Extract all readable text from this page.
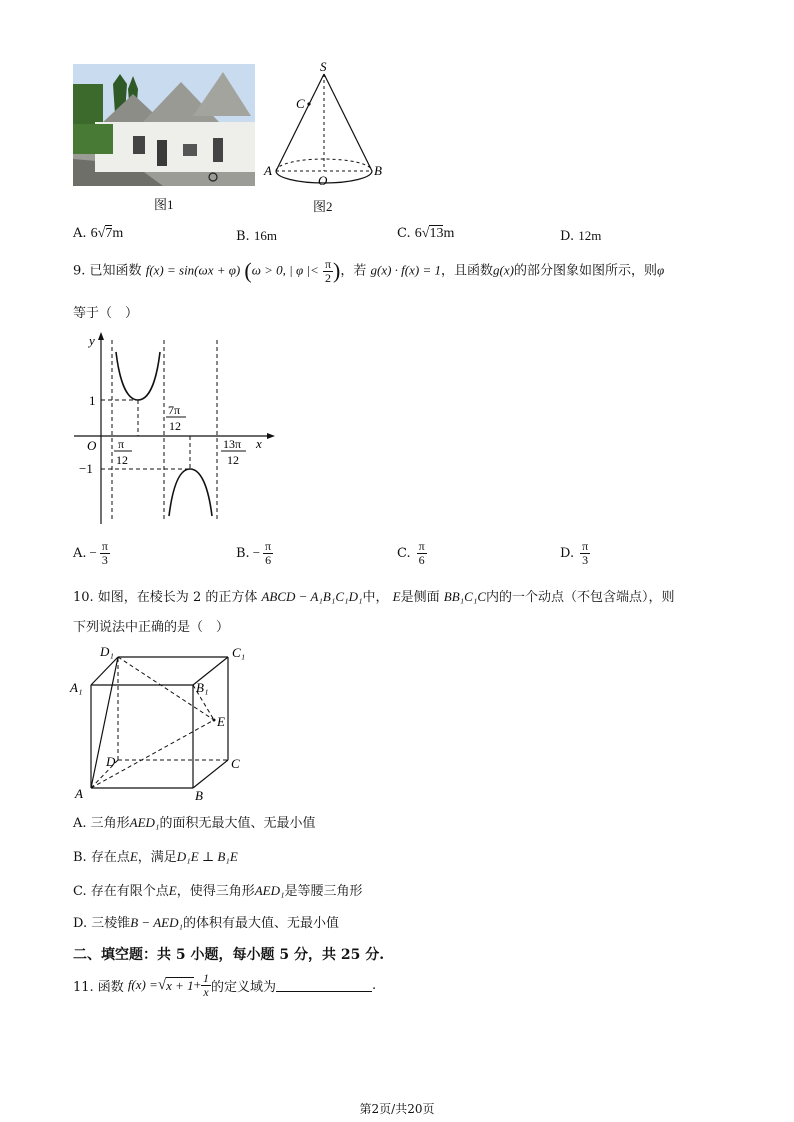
图1
S
C
A
O
B
图2
A. 6√7m	B. 16m	C. 6√13m	D. 12m
9. 已知函数 f(x) = sin(ωx + φ) (ω > 0, | φ |< $\frac{\pi}{2}$ )，若 g(x) · f(x) = 1，且函数g(x)的部分图象如图所示，则φ
等于（　）
y
x
O
1
−1
π
12
7π
12
13π
12
A. − $\frac{\pi}{3}$	B. − $\frac{\pi}{6}$	C. $\frac{\pi}{6}$	D. $\frac{\pi}{3}$
10. 如图，在棱长为 2 的正方体 ABCD − A₁B₁C₁D₁中， E是侧面 BB₁C₁C内的一个动点（不包含端点），则
下列说法中正确的是（　）
D₁	C₁
A₁	B₁
E
D	C
A	B
A. 三角形AED₁的面积无最大值、无最小值
B. 存在点E，满足D₁E ⊥ B₁E
C. 存在有限个点E，使得三角形AED₁是等腰三角形
D. 三棱锥B − AED₁的体积有最大值、无最小值
二、填空题：共 5 小题，每小题 5 分，共 25 分.
11. 函数 f(x) = √ $x + 1 + \frac{1}{x}$ 的定义域为	.
第2页/共20页
